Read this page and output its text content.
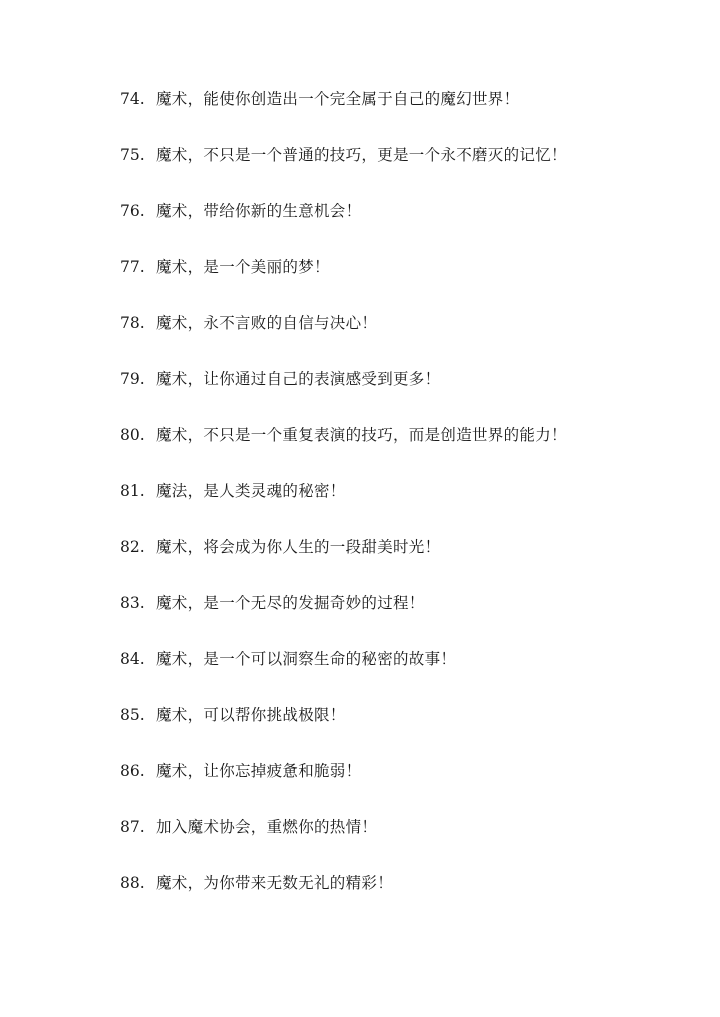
74. 魔术，能使你创造出一个完全属于自己的魔幻世界！
75. 魔术，不只是一个普通的技巧，更是一个永不磨灭的记忆！
76. 魔术，带给你新的生意机会！
77. 魔术，是一个美丽的梦！
78. 魔术，永不言败的自信与决心！
79. 魔术，让你通过自己的表演感受到更多！
80. 魔术，不只是一个重复表演的技巧，而是创造世界的能力！
81. 魔法，是人类灵魂的秘密！
82. 魔术，将会成为你人生的一段甜美时光！
83. 魔术，是一个无尽的发掘奇妙的过程！
84. 魔术，是一个可以洞察生命的秘密的故事！
85. 魔术，可以帮你挑战极限！
86. 魔术，让你忘掉疲惫和脆弱！
87. 加入魔术协会，重燃你的热情！
88. 魔术，为你带来无数无礼的精彩！
